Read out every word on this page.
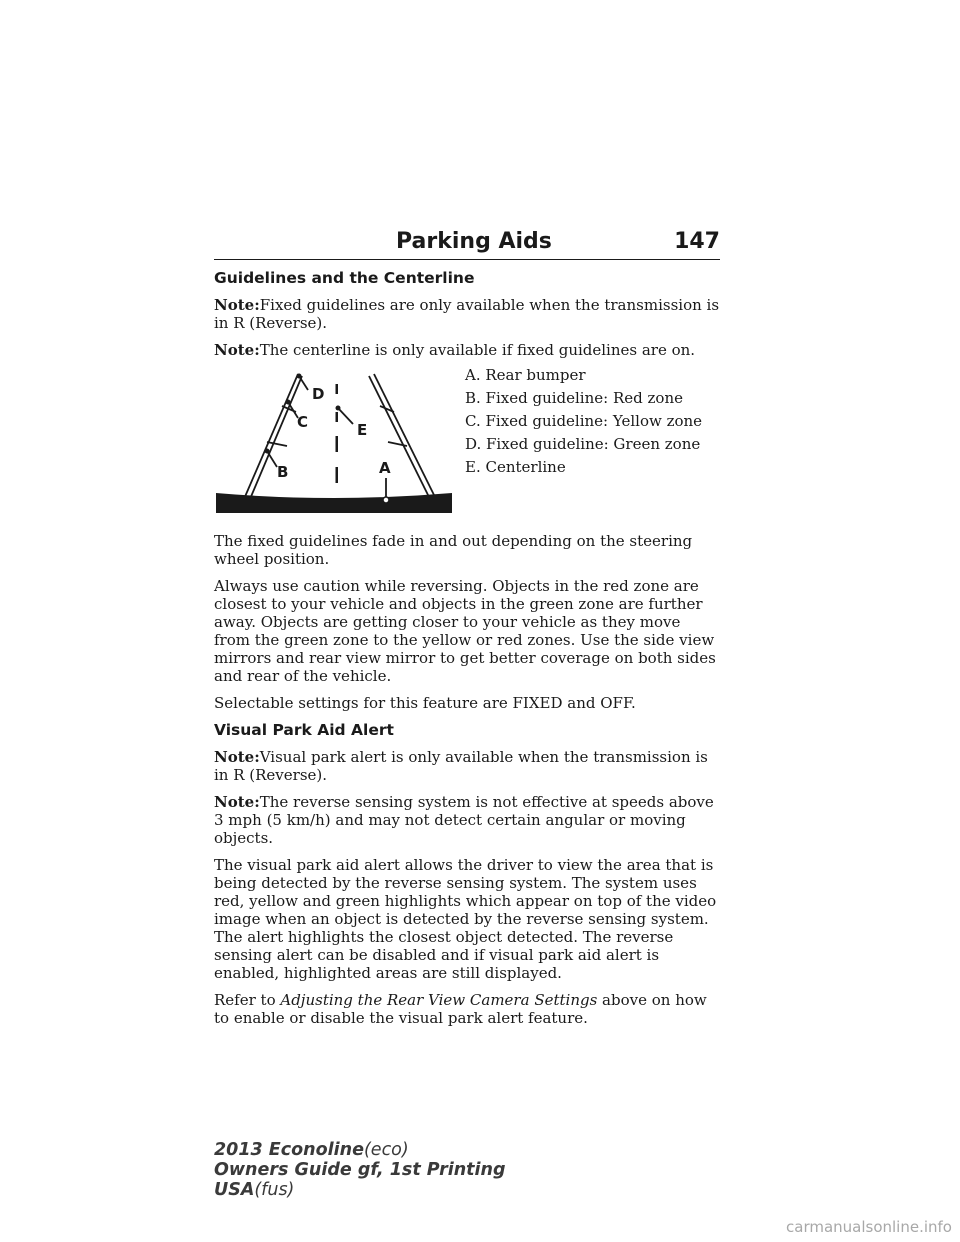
Parking Aids	147
Guidelines and the Centerline

Note:Fixed guidelines are only available when the transmission is in R (Reverse).

Note:The centerline is only available if fixed guidelines are on.

D
C
B
E
A
A. Rear bumper
B. Fixed guideline: Red zone
C. Fixed guideline: Yellow zone
D. Fixed guideline: Green zone
E. Centerline

The fixed guidelines fade in and out depending on the steering wheel position.

Always use caution while reversing. Objects in the red zone are closest to your vehicle and objects in the green zone are further away. Objects are getting closer to your vehicle as they move from the green zone to the yellow or red zones. Use the side view mirrors and rear view mirror to get better coverage on both sides and rear of the vehicle.

Selectable settings for this feature are FIXED and OFF.

Visual Park Aid Alert

Note:Visual park alert is only available when the transmission is in R (Reverse).

Note:The reverse sensing system is not effective at speeds above 3 mph (5 km/h) and may not detect certain angular or moving objects.

The visual park aid alert allows the driver to view the area that is being detected by the reverse sensing system. The system uses red, yellow and green highlights which appear on top of the video image when an object is detected by the reverse sensing system. The alert highlights the closest object detected. The reverse sensing alert can be disabled and if visual park aid alert is enabled, highlighted areas are still displayed.

Refer to Adjusting the Rear View Camera Settings above on how to enable or disable the visual park alert feature.

2013 Econoline(eco)
Owners Guide gf, 1st Printing
USA(fus)
carmanualsonline.info
